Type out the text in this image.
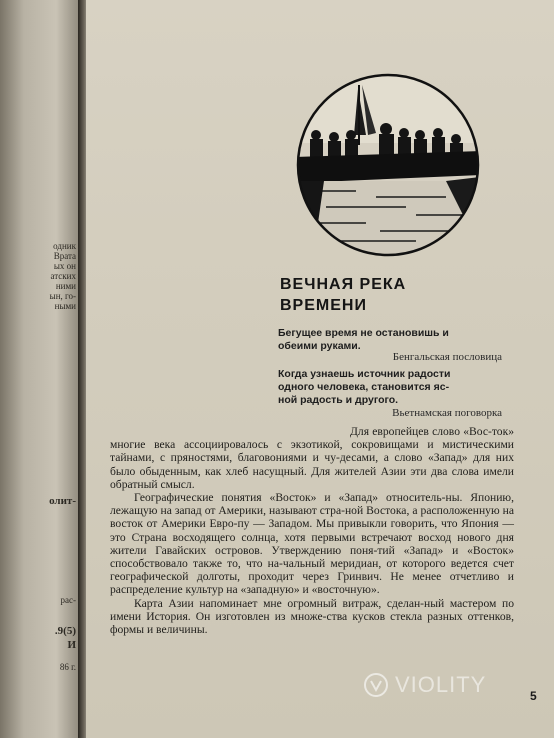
одник
Врата
ых он
атских
ними
ын, го-
ными
олит-
рас-
.9(5)
И
86 г.
ВЕЧНАЯ РЕКА
ВРЕМЕНИ
Бегущее время не остановишь и
обеими руками.
Бенгальская пословица
Когда узнаешь источник радости
одного человека, становится яс-
ной радость и другого.
Вьетнамская поговорка

Для европейцев слово «Вос-ток» многие века ассоциировалось с экзотикой, сокровищами и мистическими тайнами, с пряностями, благовониями и чу-десами, а слово «Запад» для них было обыденным, как хлеб насущный. Для жителей Азии эти два слова имели обратный смысл.

Географические понятия «Восток» и «Запад» относитель-ны. Японию, лежащую на запад от Америки, называют стра-ной Востока, а расположенную на восток от Америки Евро-пу — Западом. Мы привыкли говорить, что Япония — это Страна восходящего солнца, хотя первыми встречают восход нового дня жители Гавайских островов. Утверждению поня-тий «Запад» и «Восток» способствовало также то, что на-чальный меридиан, от которого ведется счет географической долготы, проходит через Гринвич. Не менее отчетливо и распределение культур на «западную» и «восточную».

Карта Азии напоминает мне огромный витраж, сделан-ный мастером по имени История. Он изготовлен из множе-ства кусков стекла разных оттенков, формы и величины.

5
VIOLITY
